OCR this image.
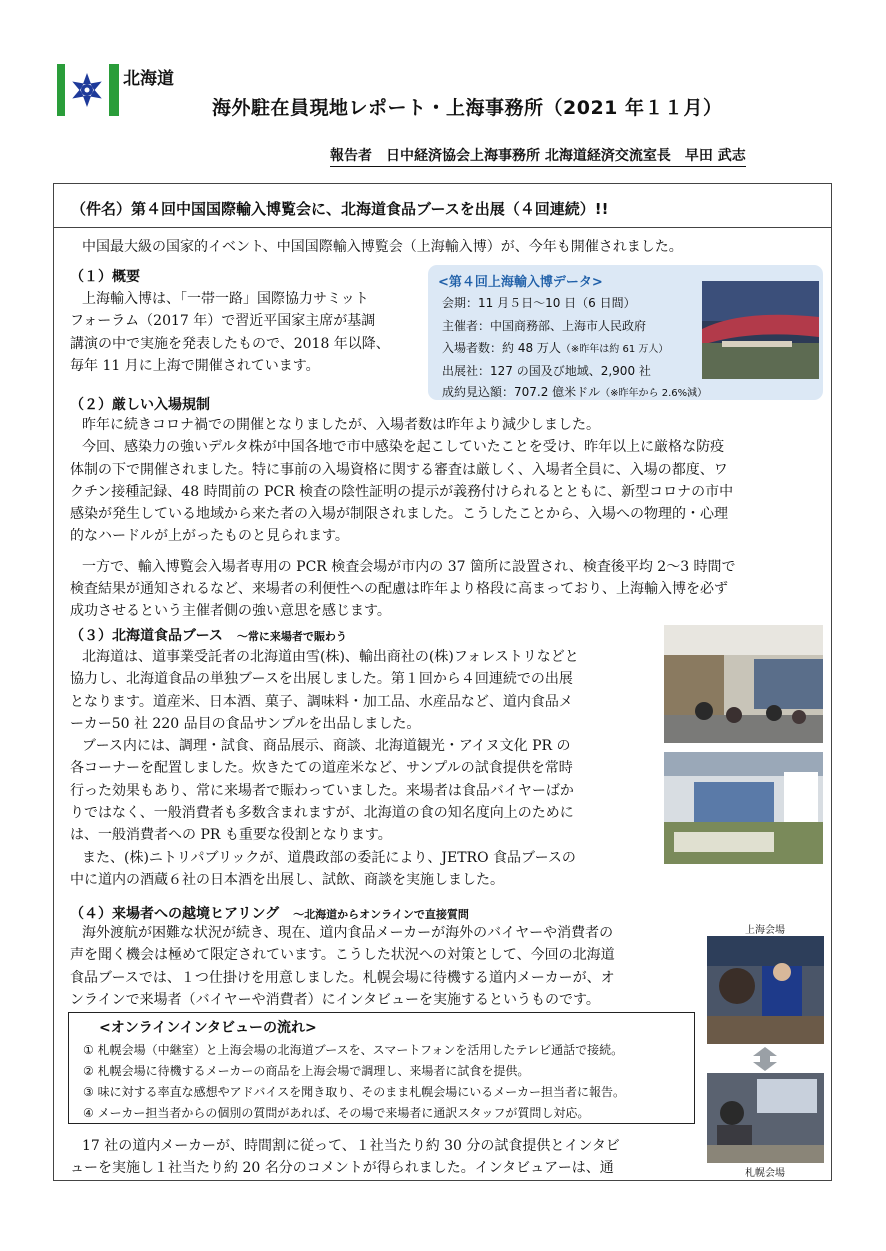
北海道
海外駐在員現地レポート・上海事務所（2021 年１１月）
報告者　日中経済協会上海事務所 北海道経済交流室長　早田 武志
（件名）第４回中国国際輸入博覧会に、北海道食品ブースを出展（４回連続）!!
中国最大級の国家的イベント、中国国際輸入博覧会（上海輸入博）が、今年も開催されました。
（１）概要
上海輸入博は、「一帯一路」国際協力サミット
フォーラム（2017 年）で習近平国家主席が基調
講演の中で実施を発表したもので、2018 年以降、
毎年 11 月に上海で開催されています。
<第４回上海輸入博データ>
会期：11 月５日～10 日（6 日間）
主催者：中国商務部、上海市人民政府
入場者数：約 48 万人（※昨年は約 61 万人）
出展社：127 の国及び地域、2,900 社
成約見込額：707.2 億米ドル（※昨年から 2.6%減）
（２）厳しい入場規制
昨年に続きコロナ禍での開催となりましたが、入場者数は昨年より減少しました。
今回、感染力の強いデルタ株が中国各地で市中感染を起こしていたことを受け、昨年以上に厳格な防疫
体制の下で開催されました。特に事前の入場資格に関する審査は厳しく、入場者全員に、入場の都度、ワ
クチン接種記録、48 時間前の PCR 検査の陰性証明の提示が義務付けられるとともに、新型コロナの市中
感染が発生している地域から来た者の入場が制限されました。こうしたことから、入場への物理的・心理
的なハードルが上がったものと見られます。
一方で、輸入博覧会入場者専用の PCR 検査会場が市内の 37 箇所に設置され、検査後平均 2～3 時間で
検査結果が通知されるなど、来場者の利便性への配慮は昨年より格段に高まっており、上海輸入博を必ず
成功させるという主催者側の強い意思を感じます。
（３）北海道食品ブース ～常に来場者で賑わう
北海道は、道事業受託者の北海道由雪(株)、輸出商社の(株)フォレストリなどと
協力し、北海道食品の単独ブースを出展しました。第１回から４回連続での出展
となります。道産米、日本酒、菓子、調味料・加工品、水産品など、道内食品メ
ーカー50 社 220 品目の食品サンプルを出品しました。
ブース内には、調理・試食、商品展示、商談、北海道観光・アイヌ文化 PR の
各コーナーを配置しました。炊きたての道産米など、サンプルの試食提供を常時
行った効果もあり、常に来場者で賑わっていました。来場者は食品バイヤーばか
りではなく、一般消費者も多数含まれますが、北海道の食の知名度向上のために
は、一般消費者への PR も重要な役割となります。
また、(株)ニトリパブリックが、道農政部の委託により、JETRO 食品ブースの
中に道内の酒蔵６社の日本酒を出展し、試飲、商談を実施しました。
（４）来場者への越境ヒアリング ～北海道からオンラインで直接質問
海外渡航が困難な状況が続き、現在、道内食品メーカーが海外のバイヤーや消費者の
声を聞く機会は極めて限定されています。こうした状況への対策として、今回の北海道
食品ブースでは、１つ仕掛けを用意しました。札幌会場に待機する道内メーカーが、オ
ンラインで来場者（バイヤーや消費者）にインタビューを実施するというものです。
<オンラインインタビューの流れ>
① 札幌会場（中継室）と上海会場の北海道ブースを、スマートフォンを活用したテレビ通話で接続。
② 札幌会場に待機するメーカーの商品を上海会場で調理し、来場者に試食を提供。
③ 味に対する率直な感想やアドバイスを聞き取り、そのまま札幌会場にいるメーカー担当者に報告。
④ メーカー担当者からの個別の質問があれば、その場で来場者に通訳スタッフが質問し対応。
上海会場
札幌会場
17 社の道内メーカーが、時間割に従って、１社当たり約 30 分の試食提供とインタビ
ューを実施し１社当たり約 20 名分のコメントが得られました。インタビュアーは、通
